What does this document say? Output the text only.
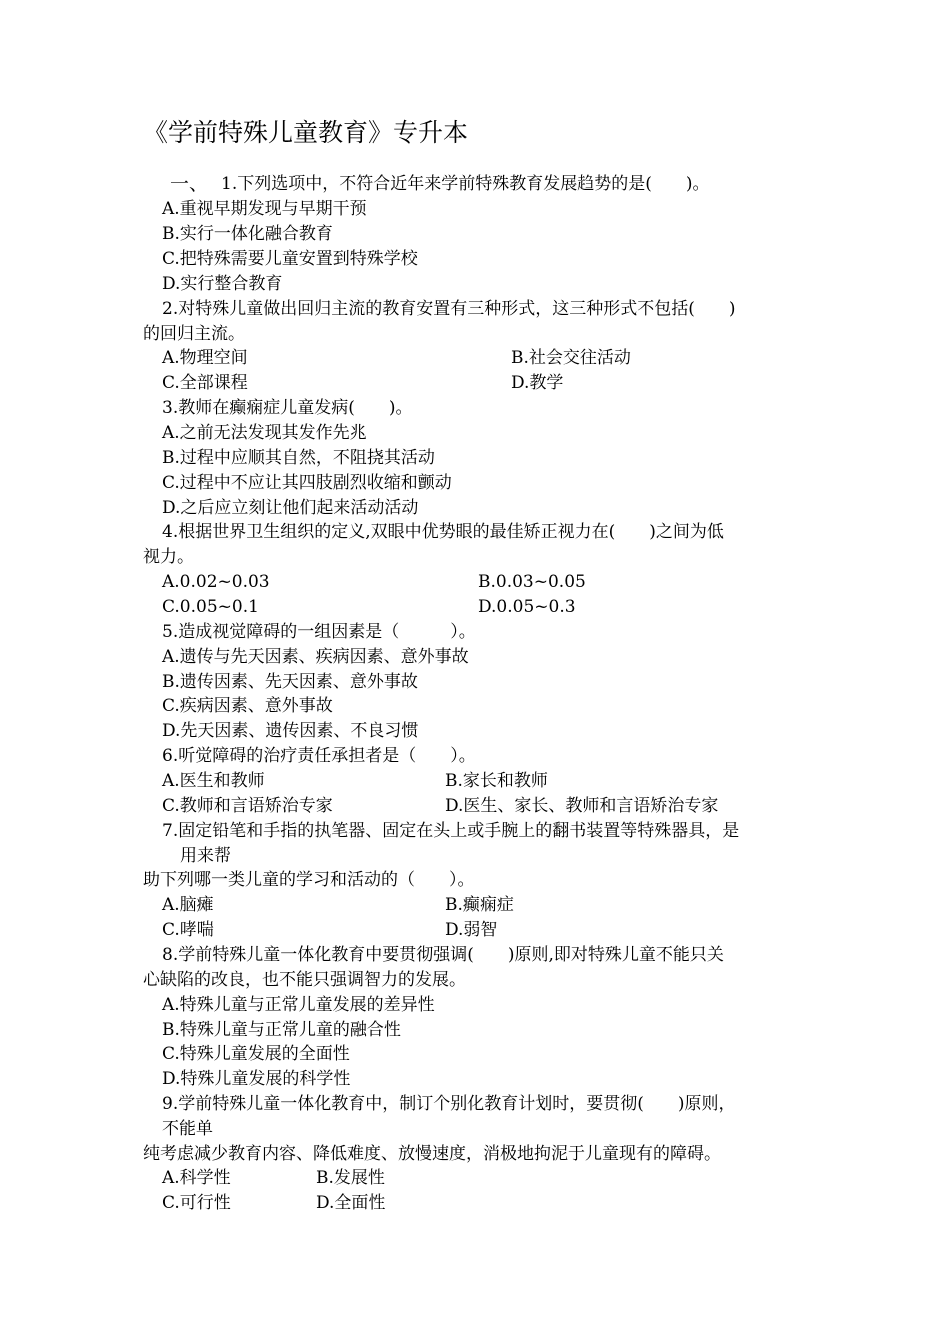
《学前特殊儿童教育》专升本
一、 1.下列选项中，不符合近年来学前特殊教育发展趋势的是(　　)。
A.重视早期发现与早期干预
B.实行一体化融合教育
C.把特殊需要儿童安置到特殊学校
D.实行整合教育
2.对特殊儿童做出回归主流的教育安置有三种形式，这三种形式不包括(　　)
的回归主流。
A.物理空间	B.社会交往活动
C.全部课程	D.教学
3.教师在癫痫症儿童发病(　　)。
A.之前无法发现其发作先兆
B.过程中应顺其自然，不阻挠其活动
C.过程中不应让其四肢剧烈收缩和颤动
D.之后应立刻让他们起来活动活动
4.根据世界卫生组织的定义,双眼中优势眼的最佳矫正视力在(　　)之间为低
视力。
A.0.02~0.03	B.0.03~0.05
C.0.05~0.1	D.0.05~0.3
5.造成视觉障碍的一组因素是（　　　）。
A.遗传与先天因素、疾病因素、意外事故
B.遗传因素、先天因素、意外事故
C.疾病因素、意外事故
D.先天因素、遗传因素、不良习惯
6.听觉障碍的治疗责任承担者是（　　）。
A.医生和教师	B.家长和教师
C.教师和言语矫治专家	D.医生、家长、教师和言语矫治专家
7.固定铅笔和手指的执笔器、固定在头上或手腕上的翻书装置等特殊器具，是
用来帮
助下列哪一类儿童的学习和活动的（　　）。
A.脑瘫	B.癫痫症
C.哮喘	D.弱智
8.学前特殊儿童一体化教育中要贯彻强调(　　)原则,即对特殊儿童不能只关
心缺陷的改良，也不能只强调智力的发展。
A.特殊儿童与正常儿童发展的差异性
B.特殊儿童与正常儿童的融合性
C.特殊儿童发展的全面性
D.特殊儿童发展的科学性
9.学前特殊儿童一体化教育中，制订个别化教育计划时，要贯彻(　　)原则，
不能单
纯考虑减少教育内容、降低难度、放慢速度，消极地拘泥于儿童现有的障碍。
A.科学性	B.发展性
C.可行性	D.全面性
